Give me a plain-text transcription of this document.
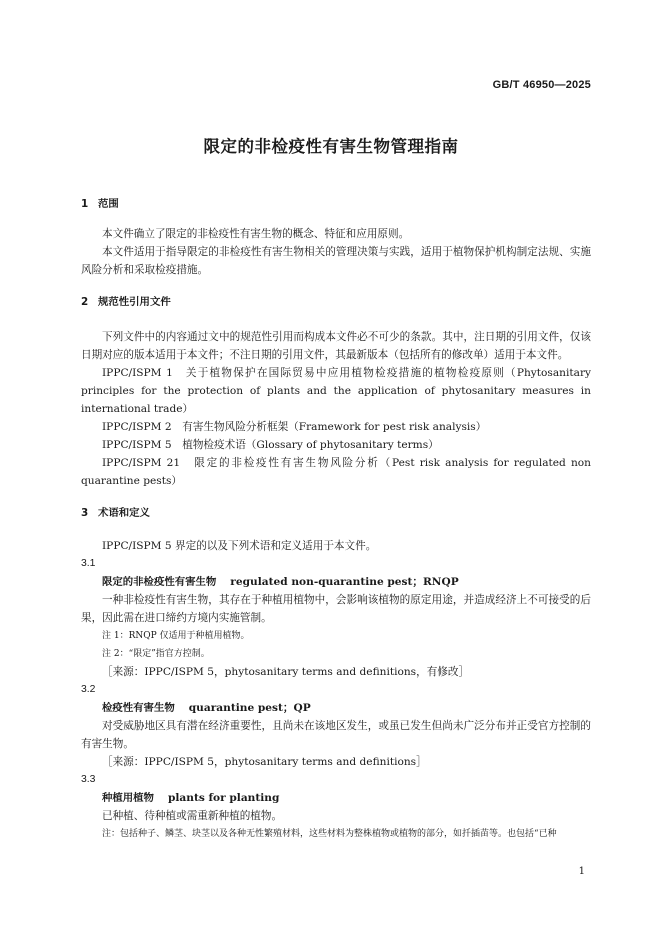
GB/T 46950—2025
限定的非检疫性有害生物管理指南
1 范围
本文件确立了限定的非检疫性有害生物的概念、特征和应用原则。
本文件适用于指导限定的非检疫性有害生物相关的管理决策与实践，适用于植物保护机构制定法规、实施风险分析和采取检疫措施。
2 规范性引用文件
下列文件中的内容通过文中的规范性引用而构成本文件必不可少的条款。其中，注日期的引用文件，仅该日期对应的版本适用于本文件；不注日期的引用文件，其最新版本（包括所有的修改单）适用于本文件。
IPPC/ISPM 1　关于植物保护在国际贸易中应用植物检疫措施的植物检疫原则（Phytosanitary principles for the protection of plants and the application of phytosanitary measures in international trade）
IPPC/ISPM 2　有害生物风险分析框架（Framework for pest risk analysis）
IPPC/ISPM 5　植物检疫术语（Glossary of phytosanitary terms）
IPPC/ISPM 21　限定的非检疫性有害生物风险分析（Pest risk analysis for regulated non quarantine pests）
3 术语和定义
IPPC/ISPM 5 界定的以及下列术语和定义适用于本文件。
3.1
限定的非检疫性有害生物 regulated non-quarantine pest；RNQP
一种非检疫性有害生物，其存在于种植用植物中，会影响该植物的原定用途，并造成经济上不可接受的后果，因此需在进口缔约方境内实施管制。
注 1：RNQP 仅适用于种植用植物。
注 2：“限定”指官方控制。
［来源：IPPC/ISPM 5，phytosanitary terms and definitions，有修改］
3.2
检疫性有害生物 quarantine pest；QP
对受威胁地区具有潜在经济重要性，且尚未在该地区发生，或虽已发生但尚未广泛分布并正受官方控制的有害生物。
［来源：IPPC/ISPM 5，phytosanitary terms and definitions］
3.3
种植用植物 plants for planting
已种植、待种植或需重新种植的植物。
注：包括种子、鳞茎、块茎以及各种无性繁殖材料，这些材料为整株植物或植物的部分，如扦插苗等。也包括“已种
1
